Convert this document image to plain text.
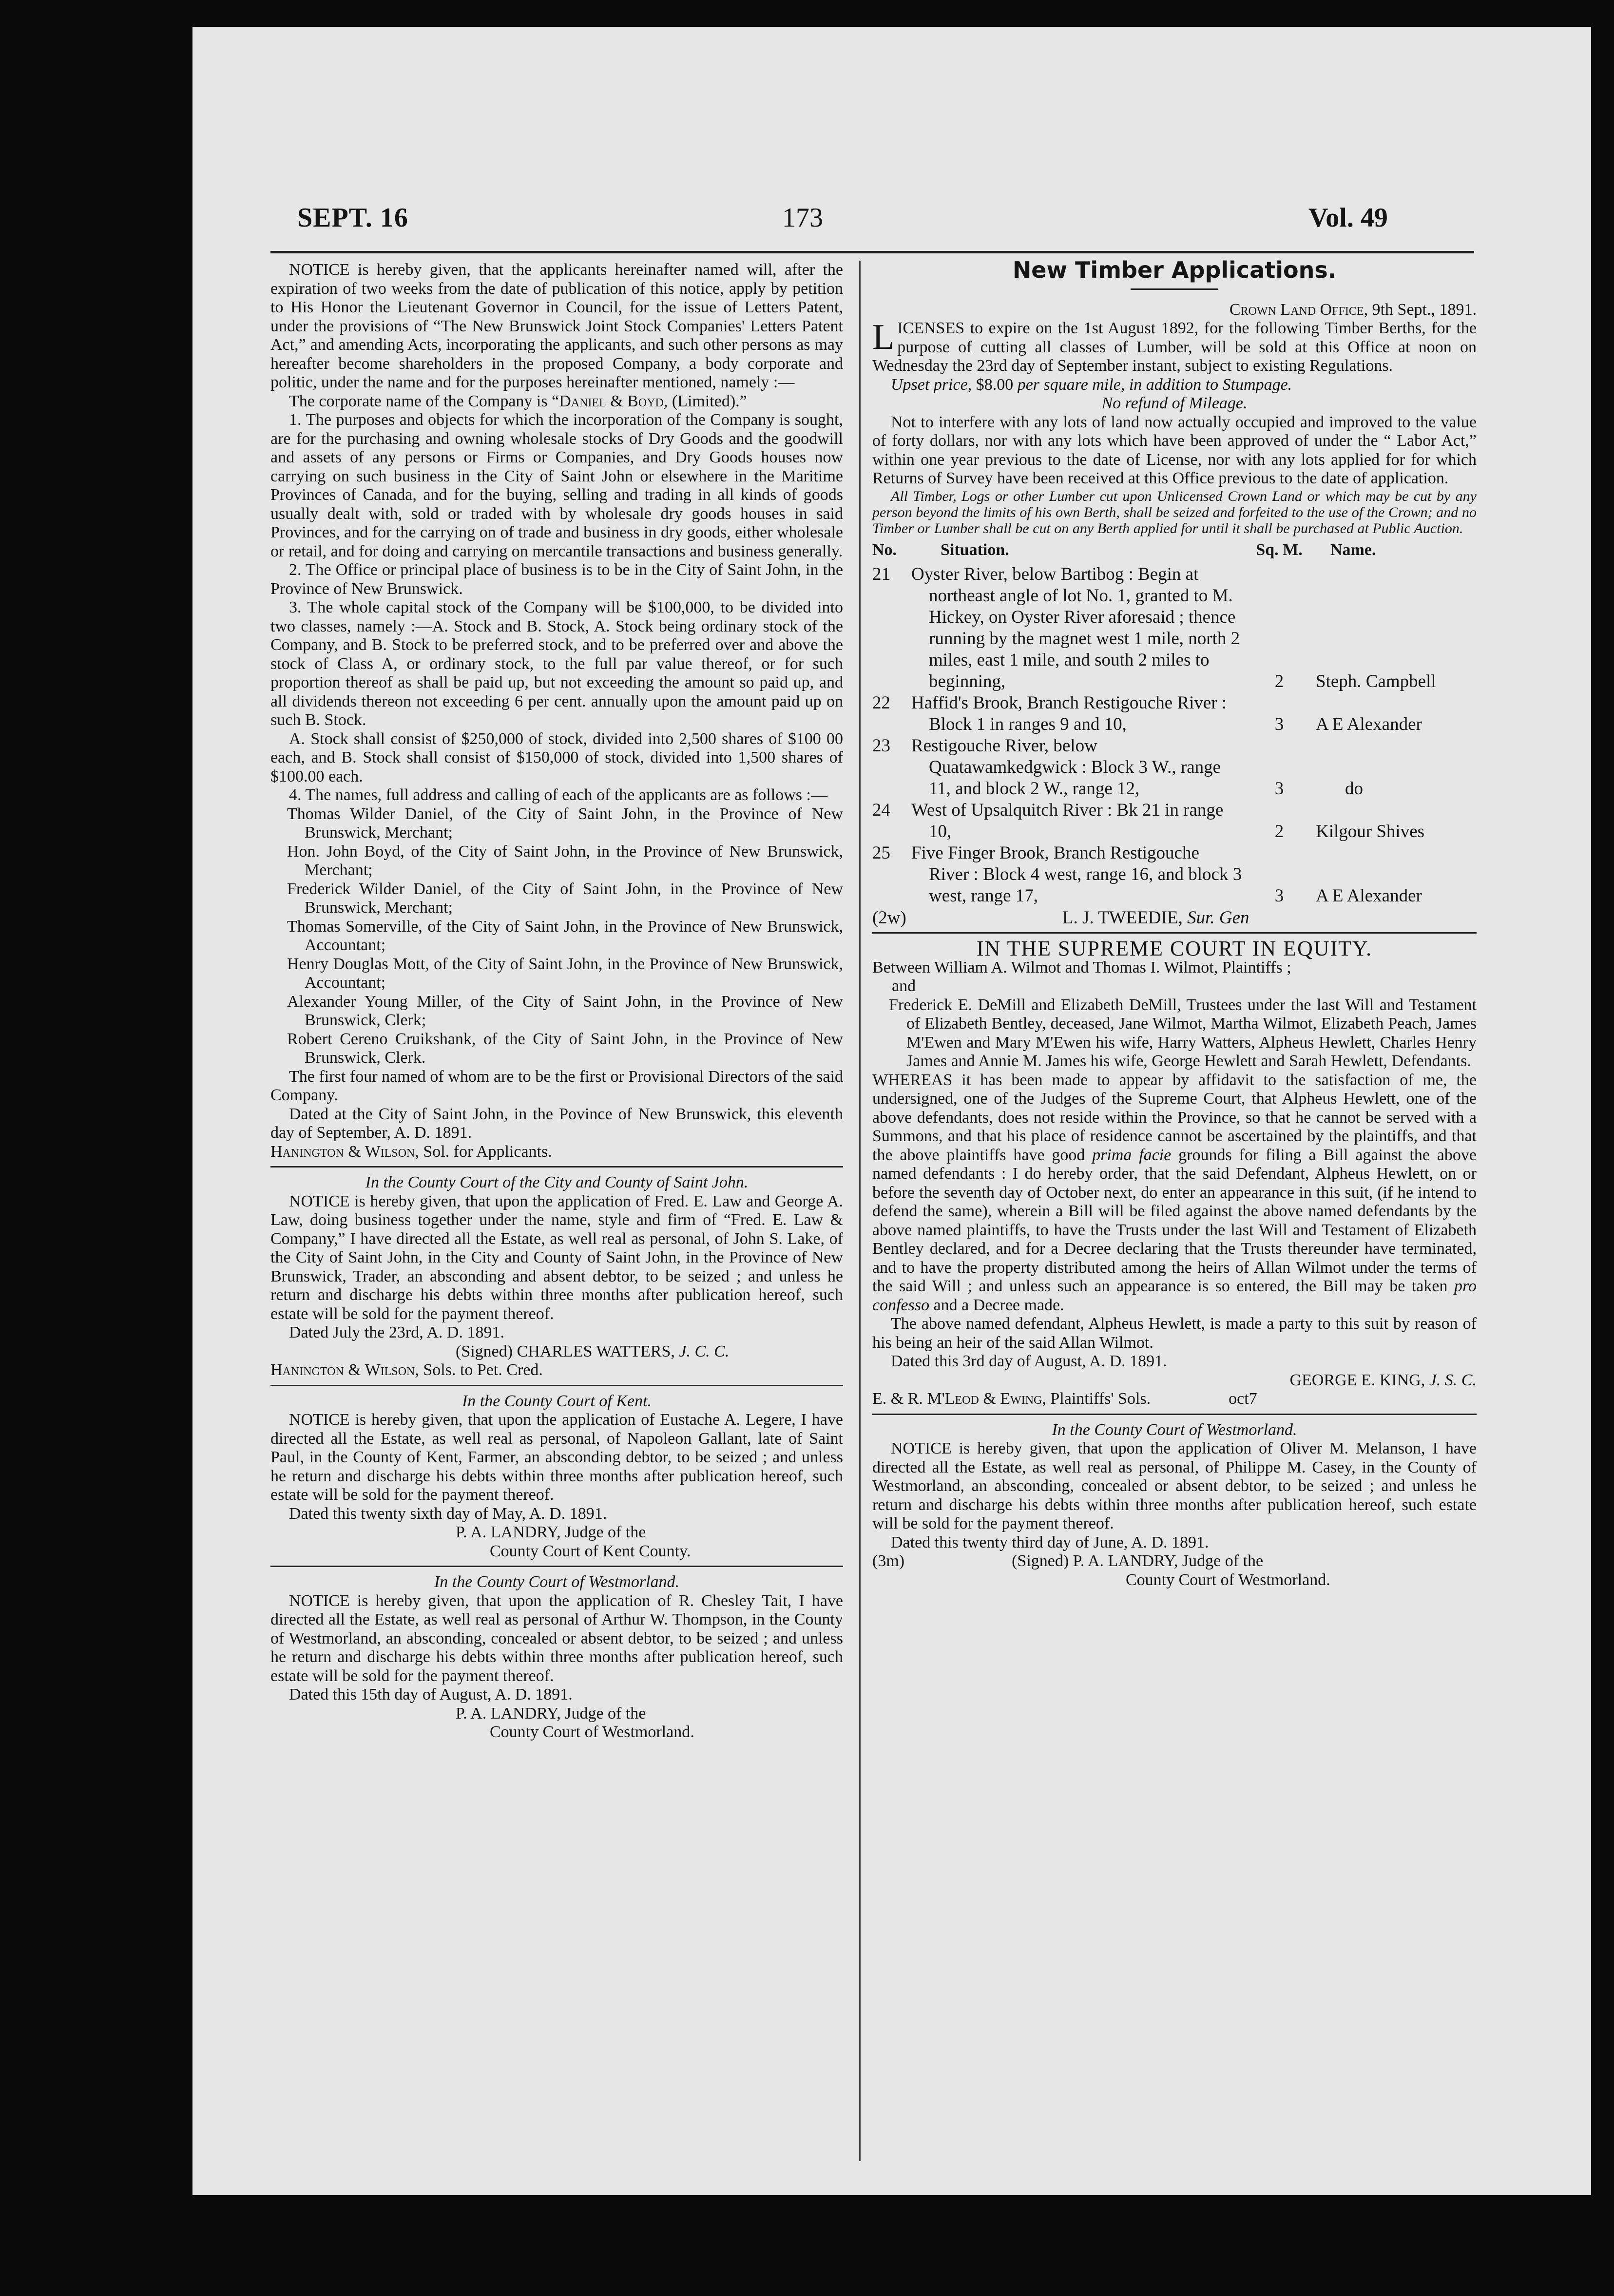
SEPT. 16	173	Vol. 49

NOTICE is hereby given, that the applicants hereinafter named will, after the expiration of two weeks from the date of publication of this notice, apply by petition to His Honor the Lieutenant Governor in Council, for the issue of Letters Patent, under the provisions of “The New Brunswick Joint Stock Companies' Letters Patent Act,” and amending Acts, incorporating the applicants, and such other persons as may hereafter become shareholders in the proposed Company, a body corporate and politic, under the name and for the purposes hereinafter mentioned, namely :—

The corporate name of the Company is “Daniel & Boyd, (Limited).”

1. The purposes and objects for which the incorporation of the Company is sought, are for the purchasing and owning wholesale stocks of Dry Goods and the goodwill and assets of any persons or Firms or Companies, and Dry Goods houses now carrying on such business in the City of Saint John or elsewhere in the Maritime Provinces of Canada, and for the buying, selling and trading in all kinds of goods usually dealt with, sold or traded with by wholesale dry goods houses in said Provinces, and for the carrying on of trade and business in dry goods, either wholesale or retail, and for doing and carrying on mercantile transactions and business generally.

2. The Office or principal place of business is to be in the City of Saint John, in the Province of New Brunswick.

3. The whole capital stock of the Company will be $100,000, to be divided into two classes, namely :—A. Stock and B. Stock, A. Stock being ordinary stock of the Company, and B. Stock to be preferred stock, and to be preferred over and above the stock of Class A, or ordinary stock, to the full par value thereof, or for such proportion thereof as shall be paid up, but not exceeding the amount so paid up, and all dividends thereon not exceeding 6 per cent. annually upon the amount paid up on such B. Stock.

A. Stock shall consist of $250,000 of stock, divided into 2,500 shares of $100 00 each, and B. Stock shall consist of $150,000 of stock, divided into 1,500 shares of $100.00 each.

4. The names, full address and calling of each of the applicants are as follows :—

Thomas Wilder Daniel, of the City of Saint John, in the Province of New Brunswick, Merchant;

Hon. John Boyd, of the City of Saint John, in the Province of New Brunswick, Merchant;

Frederick Wilder Daniel, of the City of Saint John, in the Province of New Brunswick, Merchant;

Thomas Somerville, of the City of Saint John, in the Province of New Brunswick, Accountant;

Henry Douglas Mott, of the City of Saint John, in the Province of New Brunswick, Accountant;

Alexander Young Miller, of the City of Saint John, in the Province of New Brunswick, Clerk;

Robert Cereno Cruikshank, of the City of Saint John, in the Province of New Brunswick, Clerk.

The first four named of whom are to be the first or Provisional Directors of the said Company.

Dated at the City of Saint John, in the Povince of New Brunswick, this eleventh day of September, A. D. 1891.

Hanington & Wilson, Sol. for Applicants.

In the County Court of the City and County of Saint John.

NOTICE is hereby given, that upon the application of Fred. E. Law and George A. Law, doing business together under the name, style and firm of “Fred. E. Law & Company,” I have directed all the Estate, as well real as personal, of John S. Lake, of the City of Saint John, in the City and County of Saint John, in the Province of New Brunswick, Trader, an absconding and absent debtor, to be seized ; and unless he return and discharge his debts within three months after publication hereof, such estate will be sold for the payment thereof.

Dated July the 23rd, A. D. 1891.

(Signed) CHARLES WATTERS, J. C. C.

Hanington & Wilson, Sols. to Pet. Cred.

In the County Court of Kent.

NOTICE is hereby given, that upon the application of Eustache A. Legere, I have directed all the Estate, as well real as personal, of Napoleon Gallant, late of Saint Paul, in the County of Kent, Farmer, an absconding debtor, to be seized ; and unless he return and discharge his debts within three months after publication hereof, such estate will be sold for the payment thereof.

Dated this twenty sixth day of May, A. D. 1891.

P. A. LANDRY, Judge of the

County Court of Kent County.

In the County Court of Westmorland.

NOTICE is hereby given, that upon the application of R. Chesley Tait, I have directed all the Estate, as well real as personal of Arthur W. Thompson, in the County of Westmorland, an absconding, concealed or absent debtor, to be seized ; and unless he return and discharge his debts within three months after publication hereof, such estate will be sold for the payment thereof.

Dated this 15th day of August, A. D. 1891.

P. A. LANDRY, Judge of the

County Court of Westmorland.

New Timber Applications.

Crown Land Office, 9th Sept., 1891.

LICENSES to expire on the 1st August 1892, for the following Timber Berths, for the purpose of cutting all classes of Lumber, will be sold at this Office at noon on Wednesday the 23rd day of September instant, subject to existing Regulations.

Upset price, $8.00 per square mile, in addition to Stumpage.

No refund of Mileage.

Not to interfere with any lots of land now actually occupied and improved to the value of forty dollars, nor with any lots which have been approved of under the “ Labor Act,” within one year previous to the date of License, nor with any lots applied for for which Returns of Survey have been received at this Office previous to the date of application.

All Timber, Logs or other Lumber cut upon Unlicensed Crown Land or which may be cut by any person beyond the limits of his own Berth, shall be seized and forfeited to the use of the Crown; and no Timber or Lumber shall be cut on any Berth applied for until it shall be purchased at Public Auction.

No.	Situation.	Sq. M.	Name.
21	Oyster River, below Bartibog : Begin at northeast angle of lot No. 1, granted to M. Hickey, on Oyster River aforesaid ; thence running by the magnet west 1 mile, north 2 miles, east 1 mile, and south 2 miles to beginning,	2	Steph. Campbell
22	Haffid's Brook, Branch Restigouche River : Block 1 in ranges 9 and 10,	3	A E Alexander
23	Restigouche River, below Quatawamkedgwick : Block 3 W., range 11, and block 2 W., range 12,	3	do
24	West of Upsalquitch River : Bk 21 in range 10,	2	Kilgour Shives
25	Five Finger Brook, Branch Restigouche River : Block 4 west, range 16, and block 3 west, range 17,	3	A E Alexander

(2w)	L. J. TWEEDIE, Sur. Gen

IN THE SUPREME COURT IN EQUITY.

Between William A. Wilmot and Thomas I. Wilmot, Plaintiffs ;

and

Frederick E. DeMill and Elizabeth DeMill, Trustees under the last Will and Testament of Elizabeth Bentley, deceased, Jane Wilmot, Martha Wilmot, Elizabeth Peach, James M'Ewen and Mary M'Ewen his wife, Harry Watters, Alpheus Hewlett, Charles Henry James and Annie M. James his wife, George Hewlett and Sarah Hewlett, Defendants.

WHEREAS it has been made to appear by affidavit to the satisfaction of me, the undersigned, one of the Judges of the Supreme Court, that Alpheus Hewlett, one of the above defendants, does not reside within the Province, so that he cannot be served with a Summons, and that his place of residence cannot be ascertained by the plaintiffs, and that the above plaintiffs have good prima facie grounds for filing a Bill against the above named defendants : I do hereby order, that the said Defendant, Alpheus Hewlett, on or before the seventh day of October next, do enter an appearance in this suit, (if he intend to defend the same), wherein a Bill will be filed against the above named defendants by the above named plaintiffs, to have the Trusts under the last Will and Testament of Elizabeth Bentley declared, and for a Decree declaring that the Trusts thereunder have terminated, and to have the property distributed among the heirs of Allan Wilmot under the terms of the said Will ; and unless such an appearance is so entered, the Bill may be taken pro confesso and a Decree made.

The above named defendant, Alpheus Hewlett, is made a party to this suit by reason of his being an heir of the said Allan Wilmot.

Dated this 3rd day of August, A. D. 1891.

GEORGE E. KING, J. S. C.

E. & R. M'Leod & Ewing, Plaintiffs' Sols.	oct7

In the County Court of Westmorland.

NOTICE is hereby given, that upon the application of Oliver M. Melanson, I have directed all the Estate, as well real as personal, of Philippe M. Casey, in the County of Westmorland, an absconding, concealed or absent debtor, to be seized ; and unless he return and discharge his debts within three months after publication hereof, such estate will be sold for the payment thereof.

Dated this twenty third day of June, A. D. 1891.

(3m)	(Signed) P. A. LANDRY, Judge of the

County Court of Westmorland.
